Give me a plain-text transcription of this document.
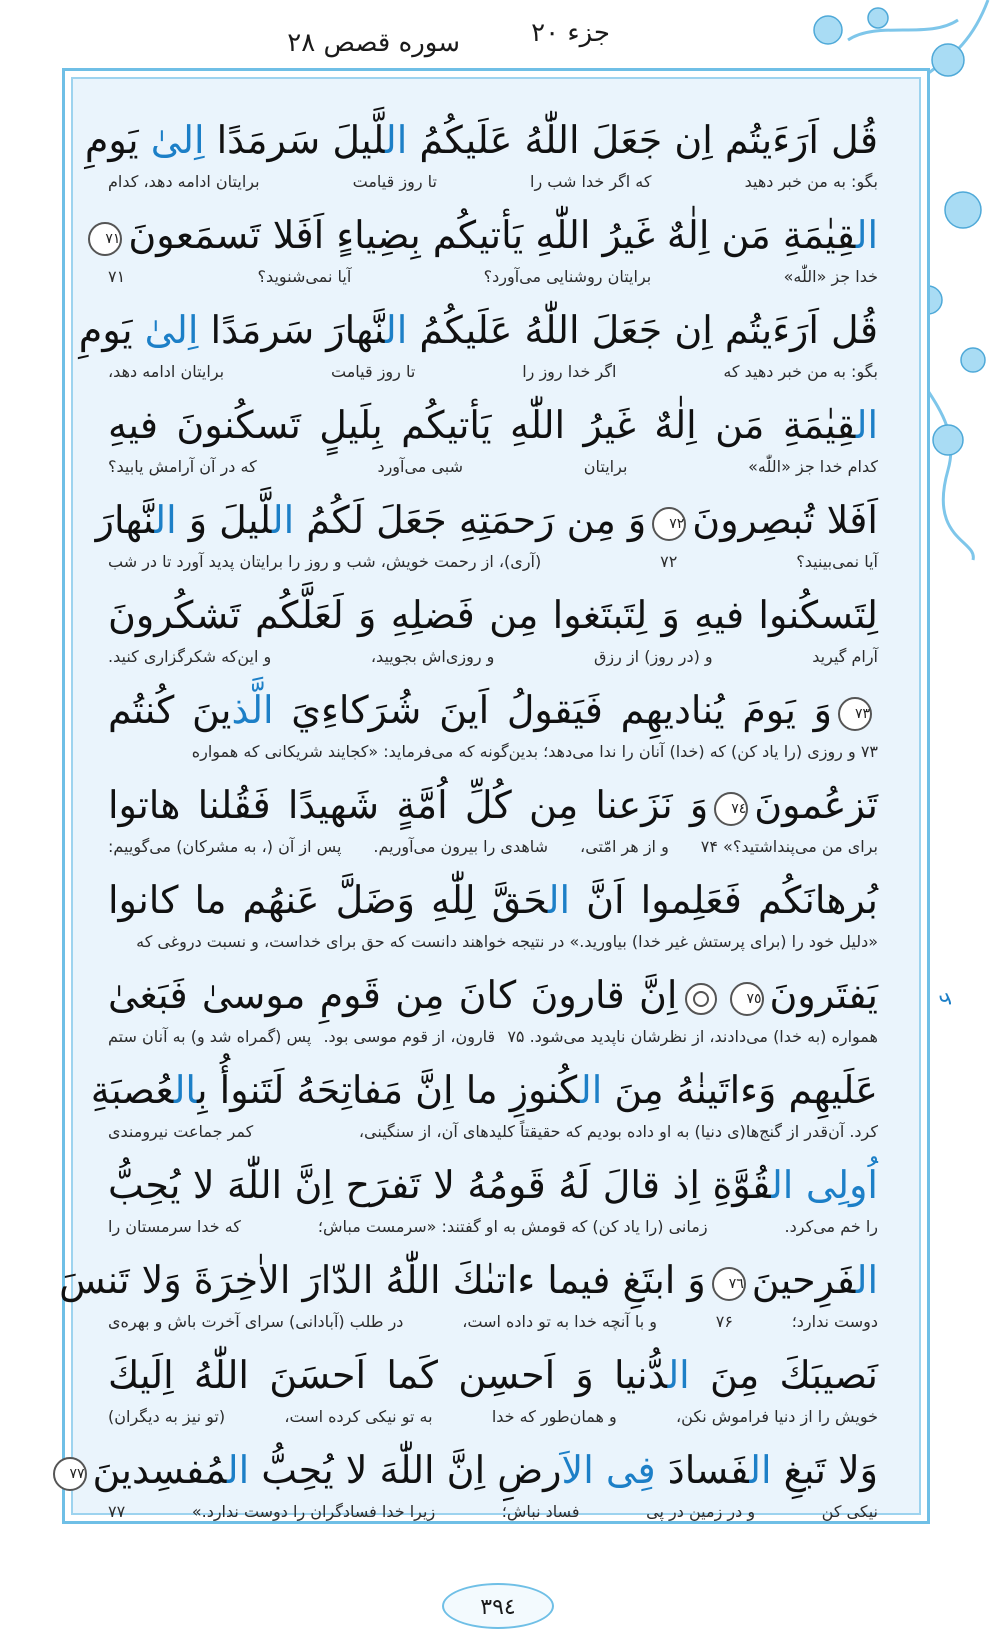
جزء ۲۰
سوره قصص ۲۸
قُل اَرَءَيتُم اِن جَعَلَ اللّٰهُ عَلَيكُمُ اللَّيلَ سَرمَدًا اِلىٰ يَومِ
بگو: به من خبر دهید
که اگر خدا شب را
تا روز قیامت
برایتان ادامه دهد، کدام
القِيٰمَةِ مَن اِلٰهٌ غَيرُ اللّٰهِ يَأتيكُم بِضِياءٍ اَفَلا تَسمَعونَ٧١
خدا جز «اللّٰه»
برایتان روشنایی می‌آورد؟
آیا نمی‌شنوید؟
۷۱
قُل اَرَءَيتُم اِن جَعَلَ اللّٰهُ عَلَيكُمُ النَّهارَ سَرمَدًا اِلىٰ يَومِ
بگو: به من خبر دهید که
اگر خدا روز را
تا روز قیامت
برایتان ادامه دهد،
القِيٰمَةِ مَن اِلٰهٌ غَيرُ اللّٰهِ يَأتيكُم بِلَيلٍ تَسكُنونَ فيهِ
کدام خدا جز «اللّٰه»
برایتان
شبی می‌آورد
که در آن آرامش یابید؟
اَفَلا تُبصِرونَ٧٢وَ مِن رَحمَتِهِ جَعَلَ لَكُمُ اللَّيلَ وَ النَّهارَ
آیا نمی‌بینید؟
۷۲
(آری)، از رحمت خویش، شب و روز را برایتان پدید آورد تا در شب
لِتَسكُنوا فيهِ وَ لِتَبتَغوا مِن فَضلِهِ وَ لَعَلَّكُم تَشكُرونَ
آرام گیرید
و (در روز) از رزق
و روزی‌اش بجویید،
و این‌که شکرگزاری کنید.
٧٣وَ يَومَ يُناديهِم فَيَقولُ اَينَ شُرَكاءِيَ الَّذينَ كُنتُم
۷۳ و روزی (را یاد کن) که (خدا) آنان را ندا می‌دهد؛ بدین‌گونه که می‌فرماید: «کجایند شریکانی که همواره
تَزعُمونَ٧٤وَ نَزَعنا مِن كُلِّ اُمَّةٍ شَهيدًا فَقُلنا هاتوا
برای من می‌پنداشتید؟» ۷۴
و از هر امّتی،
شاهدی را بیرون می‌آوریم.
پس از آن (، به مشرکان) می‌گوییم:
بُرهانَكُم فَعَلِموا اَنَّ الحَقَّ لِلّٰهِ وَضَلَّ عَنهُم ما كانوا
«دلیل خود را (برای پرستش غیر خدا) بیاورید.» در نتیجه خواهند دانست که حق برای خداست، و نسبت دروغی که
يَفتَرونَ٧٥اِنَّ قارونَ كانَ مِن قَومِ موسىٰ فَبَغىٰ
همواره (به خدا) می‌دادند، از نظرشان ناپدید می‌شود. ۷۵
قارون، از قوم موسی بود.
پس (گمراه شد و) به آنان ستم
عَلَيهِم وَءاتَينٰهُ مِنَ الكُنوزِ ما اِنَّ مَفاتِحَهُ لَتَنوأُ بِالعُصبَةِ
کرد. آن‌قدر از گنج‌ها(ی دنیا) به او داده بودیم که حقیقتاً کلیدهای آن، از سنگینی،
کمر جماعت نیرومندی
اُولِى القُوَّةِ اِذ قالَ لَهُ قَومُهُ لا تَفرَح اِنَّ اللّٰهَ لا يُحِبُّ
را خم می‌کرد.
زمانی (را یاد کن) که قومش به او گفتند: «سرمست مباش؛
که خدا سرمستان را
الفَرِحينَ٧٦وَ ابتَغِ فيما ءاتىٰكَ اللّٰهُ الدّارَ الاٰخِرَةَ وَلا تَنسَ
دوست ندارد؛
۷۶
و با آنچه خدا به تو داده است،
در طلب (آبادانی) سرای آخرت باش و بهره‌ی
نَصيبَكَ مِنَ الدُّنيا وَ اَحسِن كَما اَحسَنَ اللّٰهُ اِلَيكَ
خویش را از دنیا فراموش نکن،
و همان‌طور که خدا
به تو نیکی کرده است،
(تو نیز به دیگران)
وَلا تَبغِ الفَسادَ فِى الاَرضِ اِنَّ اللّٰهَ لا يُحِبُّ المُفسِدينَ٧٧
نیکی کن
و در زمین در پی
فساد نباش؛
زیرا خدا فسادگران را دوست ندارد.»
۷۷
ﻋ
۳۹٤
